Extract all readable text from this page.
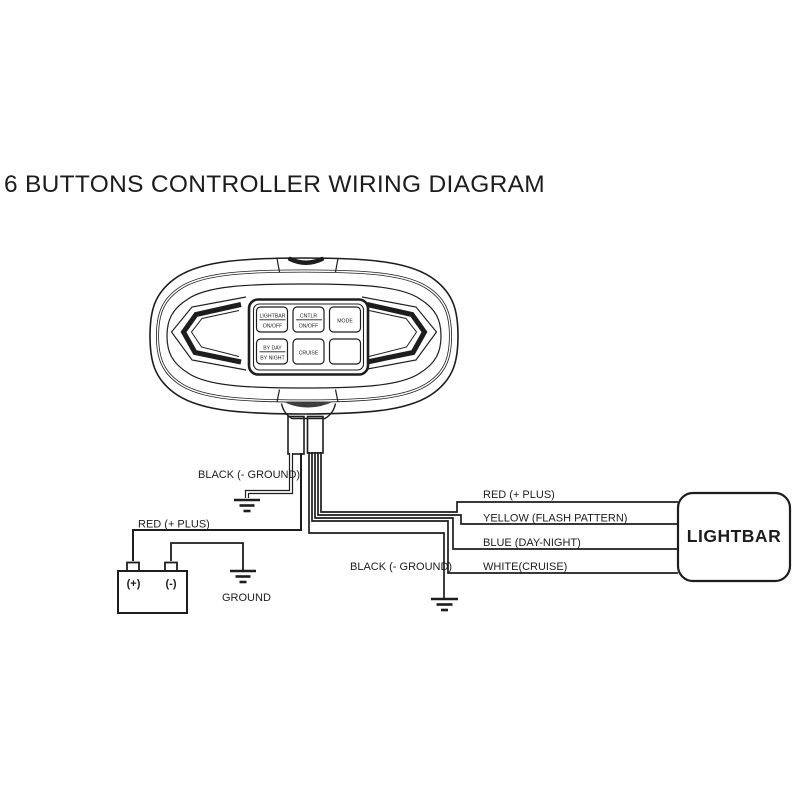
6 BUTTONS CONTROLLER WIRING DIAGRAM
LIGHTBAR
ON/OFF
CNTLR
ON/OFF
MODE
BY DAY
BY NIGHT
CRUISE
(+) (-)
LIGHTBAR
BLACK (- GROUND)
RED (+ PLUS)
BLACK (- GROUND)
GROUND
RED (+ PLUS)
YELLOW (FLASH PATTERN)
BLUE (DAY-NIGHT)
WHITE(CRUISE)
